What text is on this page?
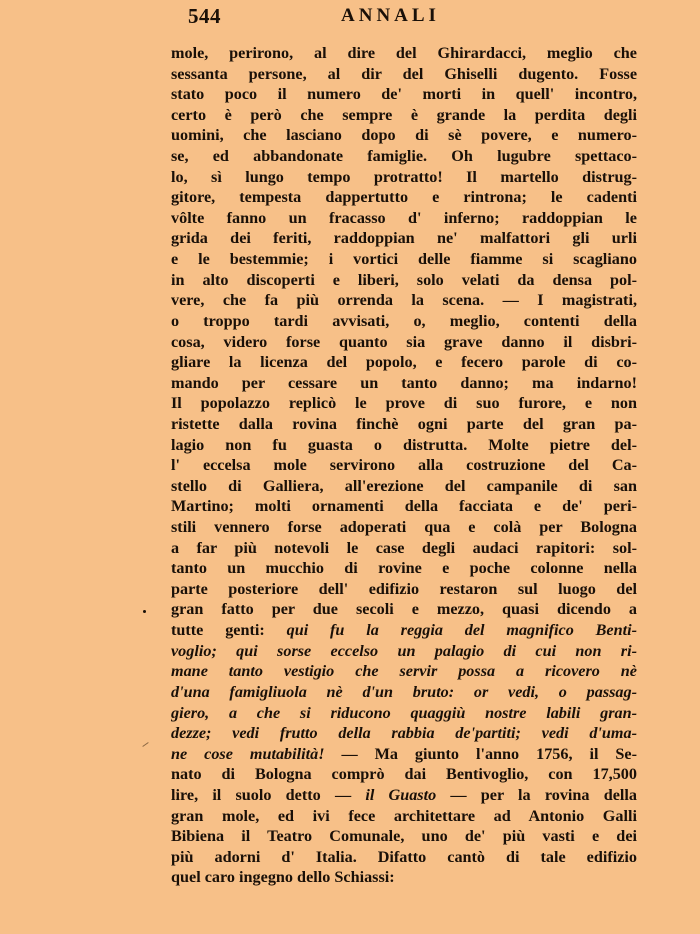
544	ANNALI
mole, perirono, al dire del Ghirardacci, meglio che
sessanta persone, al dir del Ghiselli dugento. Fosse
stato poco il numero de' morti in quell' incontro,
certo è però che sempre è grande la perdita degli
uomini, che lasciano dopo di sè povere, e numero-
se, ed abbandonate famiglie. Oh lugubre spettaco-
lo, sì lungo tempo protratto! Il martello distrug-
gitore, tempesta dappertutto e rintrona; le cadenti
vôlte fanno un fracasso d' inferno; raddoppian le
grida dei feriti, raddoppian ne' malfattori gli urli
e le bestemmie; i vortici delle fiamme si scagliano
in alto discoperti e liberi, solo velati da densa pol-
vere, che fa più orrenda la scena. — I magistrati,
o troppo tardi avvisati, o, meglio, contenti della
cosa, videro forse quanto sia grave danno il disbri-
gliare la licenza del popolo, e fecero parole di co-
mando per cessare un tanto danno; ma indarno!
Il popolazzo replicò le prove di suo furore, e non
ristette dalla rovina finchè ogni parte del gran pa-
lagio non fu guasta o distrutta. Molte pietre del-
l' eccelsa mole servirono alla costruzione del Ca-
stello di Galliera, all'erezione del campanile di san
Martino; molti ornamenti della facciata e de' peri-
stili vennero forse adoperati qua e colà per Bologna
a far più notevoli le case degli audaci rapitori: sol-
tanto un mucchio di rovine e poche colonne nella
parte posteriore dell' edifizio restaron sul luogo del
gran fatto per due secoli e mezzo, quasi dicendo a
tutte genti: qui fu la reggia del magnifico Benti-
voglio; qui sorse eccelso un palagio di cui non ri-
mane tanto vestigio che servir possa a ricovero nè
d'una famigliuola nè d'un bruto: or vedi, o passag-
giero, a che si riducono quaggiù nostre labili gran-
dezze; vedi frutto della rabbia de'partiti; vedi d'uma-
ne cose mutabilità! — Ma giunto l'anno 1756, il Se-
nato di Bologna comprò dai Bentivoglio, con 17,500
lire, il suolo detto — il Guasto — per la rovina della
gran mole, ed ivi fece architettare ad Antonio Galli
Bibiena il Teatro Comunale, uno de' più vasti e dei
più adorni d' Italia. Difatto cantò di tale edifizio
quel caro ingegno dello Schiassi:
